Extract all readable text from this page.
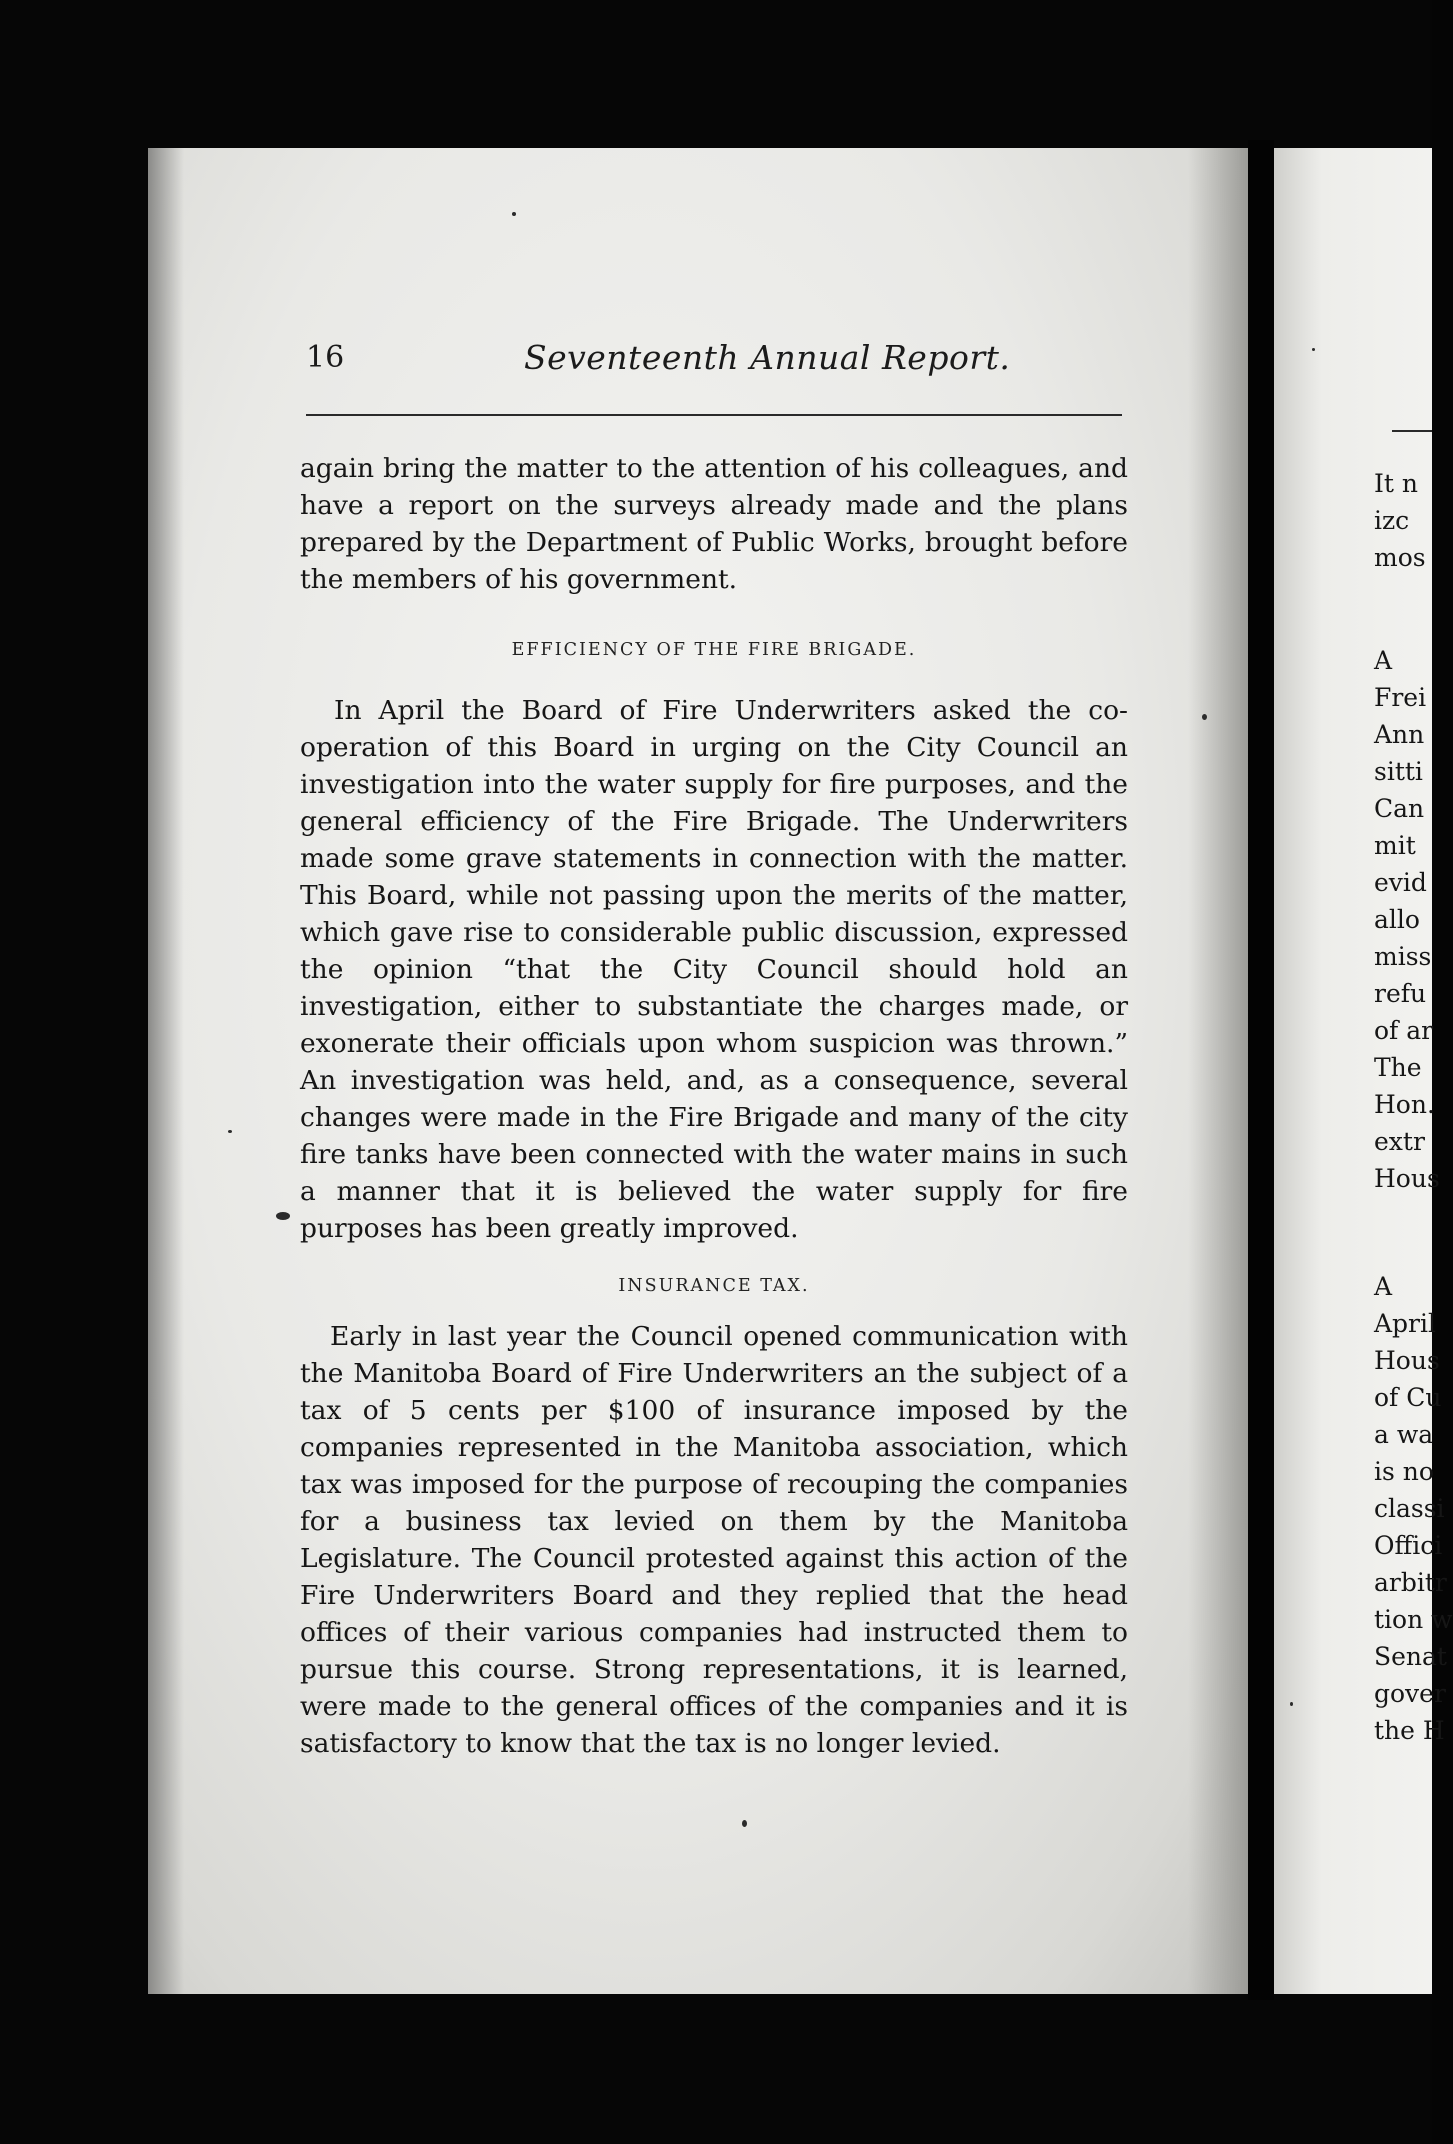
16	Seventeenth Annual Report.

again bring the matter to the attention of his colleagues, and have a report on the surveys already made and the plans prepared by the Department of Public Works, brought before the members of his government.

EFFICIENCY OF THE FIRE BRIGADE.

In April the Board of Fire Underwriters asked the co-operation of this Board in urging on the City Council an investigation into the water supply for fire purposes, and the general efficiency of the Fire Brigade. The Underwriters made some grave statements in connection with the matter. This Board, while not passing upon the merits of the matter, which gave rise to considerable public discussion, expressed the opinion “that the City Council should hold an investigation, either to substantiate the charges made, or exonerate their officials upon whom suspicion was thrown.” An investigation was held, and, as a consequence, several changes were made in the Fire Brigade and many of the city fire tanks have been connected with the water mains in such a manner that it is believed the water supply for fire purposes has been greatly improved.

INSURANCE TAX.

Early in last year the Council opened communication with the Manitoba Board of Fire Underwriters an the subject of a tax of 5 cents per $100 of insurance imposed by the companies represented in the Manitoba association, which tax was imposed for the purpose of recouping the companies for a business tax levied on them by the Manitoba Legislature. The Council protested against this action of the Fire Underwriters Board and they replied that the head offices of their various companies had instructed them to pursue this course. Strong representations, it is learned, were made to the general offices of the companies and it is satisfactory to know that the tax is no longer levied.

It n
izc
mos
A
Frei
Ann
sitti
Can
mit
evid
allo
miss
refu
of ar
The
Hon.
extr
Hous
A
April
Hous
of Cu
a wa
is no
classi
Offici
arbitr
tion w
Senat
gover
the H
